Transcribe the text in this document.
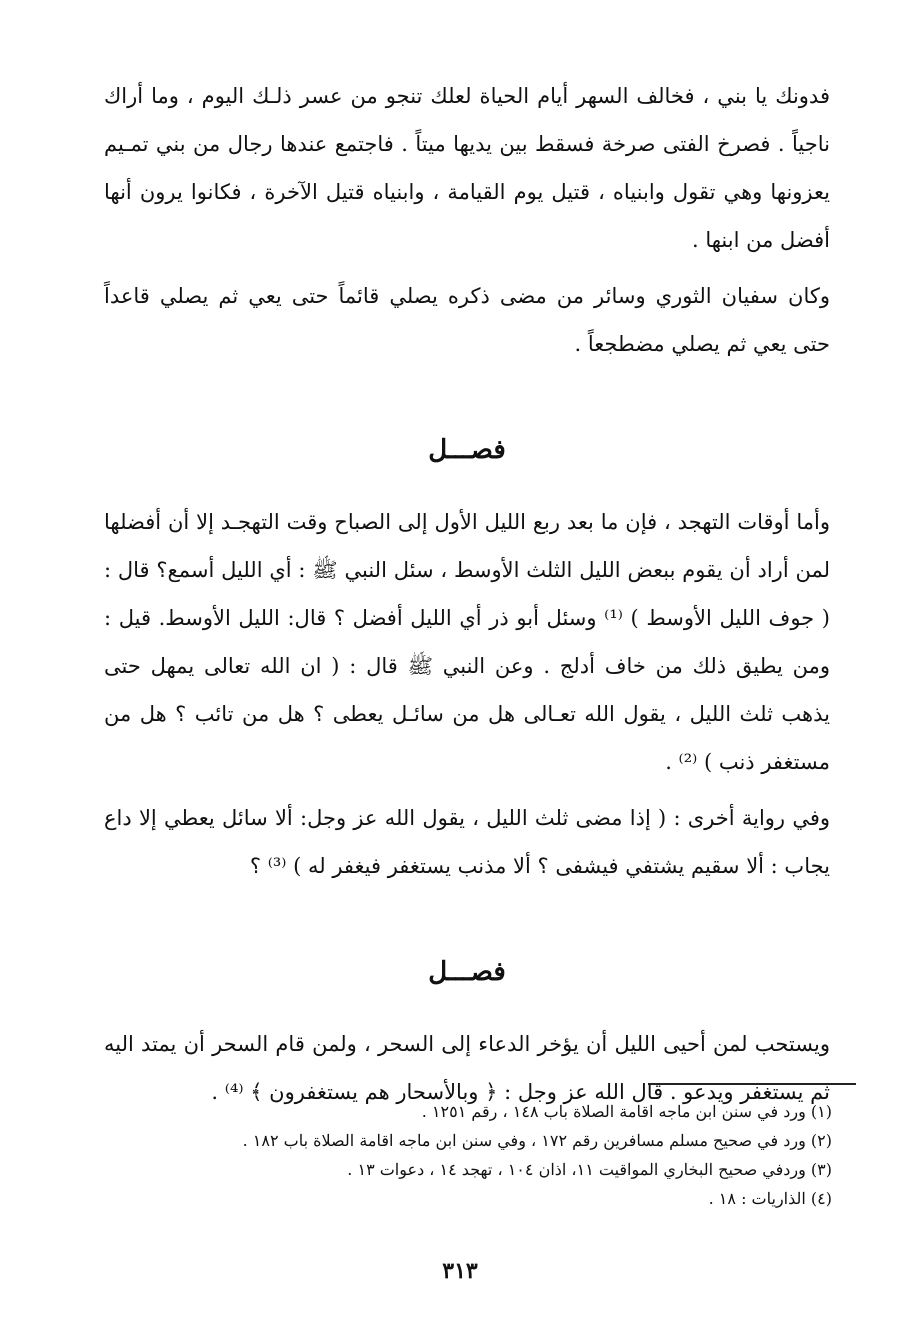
فدونك يا بني ، فخالف السهر أيام الحياة لعلك تنجو من عسر ذلـك اليوم ، وما أراك ناجياً . فصرخ الفتى صرخة فسقط بين يديها ميتاً . فاجتمع عندها رجال من بني تمـيم يعزونها وهي تقول وابنياه ، قتيل يوم القيامة ، وابنياه قتيل الآخرة ، فكانوا يرون أنها أفضل من ابنها .

وكان سفيان الثوري وسائر من مضى ذكره يصلي قائماً حتى يعي ثم يصلي قاعداً حتى يعي ثم يصلي مضطجعاً .

فصـــل

وأما أوقات التهجد ، فإن ما بعد ربع الليل الأول إلى الصباح وقت التهجـد إلا أن أفضلها لمن أراد أن يقوم ببعض الليل الثلث الأوسط ، سئل النبي ﷺ : أي الليل أسمع؟ قال : ( جوف الليل الأوسط ) ⁽¹⁾ وسئل أبو ذر أي الليل أفضل ؟ قال: الليل الأوسط. قيل : ومن يطيق ذلك من خاف أدلج . وعن النبي ﷺ قال : ( ان الله تعالى يمهل حتى يذهب ثلث الليل ، يقول الله تعـالى هل من سائـل يعطى ؟ هل من تائب ؟ هل من مستغفر ذنب ) ⁽²⁾ .

وفي رواية أخرى : ( إذا مضى ثلث الليل ، يقول الله عز وجل: ألا سائل يعطي إلا داع يجاب : ألا سقيم يشتفي فيشفى ؟ ألا مذنب يستغفر فيغفر له ) ⁽³⁾ ؟

فصـــل

ويستحب لمن أحيى الليل أن يؤخر الدعاء إلى السحر ، ولمن قام السحر أن يمتد اليه ثم يستغفر ويدعو . قال الله عز وجل : ﴿ وبالأسحار هم يستغفرون ﴾ ⁽⁴⁾ .

(١) ورد في سنن ابن ماجه اقامة الصلاة باب ١٤٨ ، رقم ١٢٥١ .
(٢) ورد في صحيح مسلم مسافرين رقم ١٧٢ ، وفي سنن ابن ماجه اقامة الصلاة باب ١٨٢ .
(٣) وردفي صحيح البخاري المواقيت ١١، اذان ١٠٤ ، تهجد ١٤ ، دعوات ١٣ .
(٤) الذاريات : ١٨ .
٣١٣
